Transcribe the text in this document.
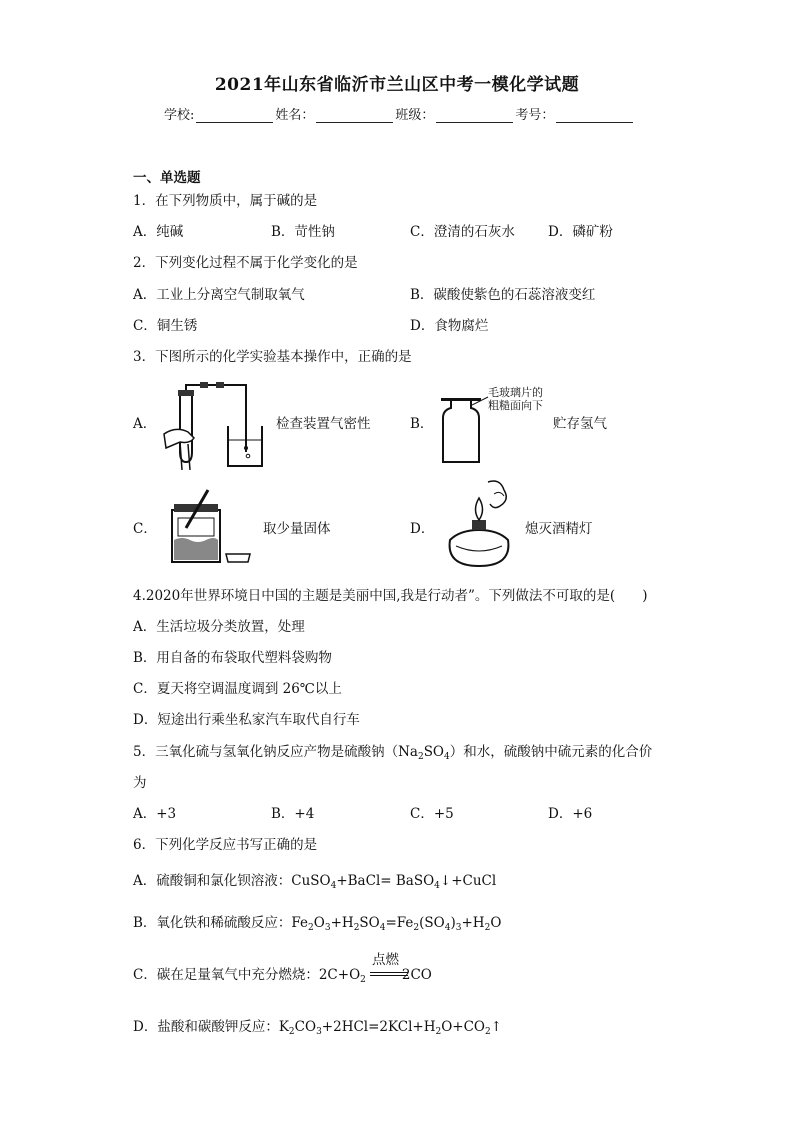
2021年山东省临沂市兰山区中考一模化学试题
学校:	姓名：	班级：	考号：
一、单选题
1．在下列物质中，属于碱的是
A．纯碱	B．苛性钠	C．澄清的石灰水 D．磷矿粉
2．下列变化过程不属于化学变化的是
A．工业上分离空气制取氧气	B．碳酸使紫色的石蕊溶液变红
C．铜生锈	D．食物腐烂
3．下图所示的化学实验基本操作中，正确的是
A．	检查装置气密性	B．
毛玻璃片的
粗糙面向下
贮存氢气
C．	取少量固体	D．	熄灭酒精灯
4.2020年世界环境日中国的主题是美丽中国,我是行动者”。下列做法不可取的是(　　)
A．生活垃圾分类放置，处理
B．用自备的布袋取代塑料袋购物
C．夏天将空调温度调到 26℃以上
D．短途出行乘坐私家汽车取代自行车
5．三氧化硫与氢氧化钠反应产物是硫酸钠$(Na_2SO_4)$和水，硫酸钠中硫元素的化合价
为
A．+3	B．+4	C．+5	D．+6
6．下列化学反应书写正确的是
A．硫酸铜和氯化钡溶液：CuSO$_4$+BaCl= BaSO$_4$↓+CuCl
B．氧化铁和稀硫酸反应：$Fe_2O_3+H_2SO_4=Fe_2(SO_4)_3+H_2O$
C．碳在足量氧气中充分燃烧：$2C+O_2$	2CO
点燃
D．盐酸和碳酸钾反应：$K_2CO_3+2HCl=2KCl+H_2O+CO_2↑$
